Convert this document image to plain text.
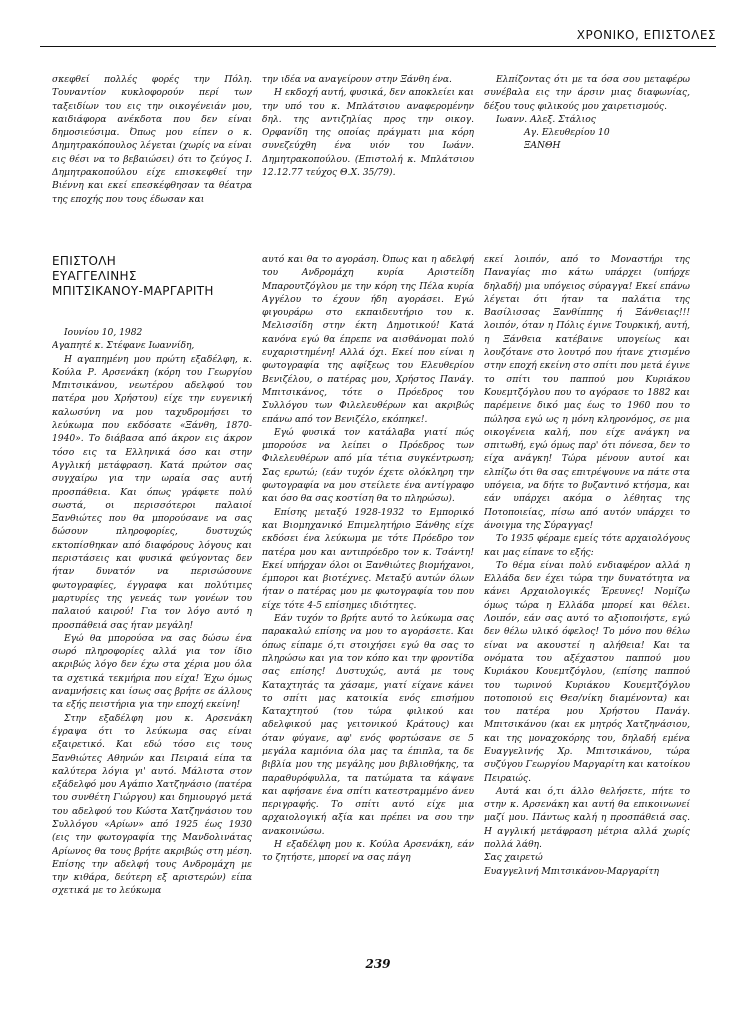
ΧΡΟΝΙΚΟ, ΕΠΙΣΤΟΛΕΣ

σκεφθεί πολλές φορές την Πόλη. Τουναντίον κυκλοφορούν περί των ταξειδίων του εις την οικογένειάν μου, καιδιάφορα ανέκδοτα που δεν είναι δημοσιεύσιμα. Όπως μου είπεν ο κ. Δημητρακόπουλος λέγεται (χωρίς να είναι εις θέσι να το βεβαιώσει) ότι το ζεύγος Ι. Δημητρακοπούλου είχε επισκεφθεί την Βιέννη και εκεί επεσκέφθησαν τα θέατρα της εποχής που τους έδωσαν και

την ιδέα να αναγείρουν στην Ξάνθη ένα.

Η εκδοχή αυτή, φυσικά, δεν αποκλείει και την υπό του κ. Μπλάτσιου αναφερομένην δηλ. της αντιζηλίας προς την οικογ. Ορφανίδη της οποίας πράγματι μια κόρη συνεζεύχθη ένα υιόν του Ιωάνν. Δημητρακοπούλου. (Επιστολή κ. Μπλάτσιου 12.12.77 τεύχος Θ.Χ. 35/79).

Ελπίζοντας ότι με τα όσα σου μεταφέρω συνέβαλα εις την άρσιν μιας διαφωνίας, δέξου τους φιλικούς μου χαιρετισμούς.

Ιωανν. Αλεξ. Στάλιος

Αγ. Ελευθερίου 10

ΞΑΝΘΗ

ΕΠΙΣΤΟΛΗ
ΕΥΑΓΓΕΛΙΝΗΣ
ΜΠΙΤΣΙΚΑΝΟΥ-ΜΑΡΓΑΡΙΤΗ

Ιουνίου 10, 1982

Αγαπητέ κ. Στέφανε Ιωαννίδη,

Η αγαπημένη μου πρώτη εξαδέλφη, κ. Κούλα Ρ. Αρσενάκη (κόρη του Γεωργίου Μπιτσικάνου, νεωτέρου αδελφού του πατέρα μου Χρήστου) είχε την ευγενική καλωσύνη να μου ταχυδρομήσει το λεύκωμα που εκδόσατε «Ξάνθη, 1870-1940». Το διάβασα από άκρον εις άκρον τόσο εις τα Ελληνικά όσο και στην Αγγλική μετάφραση. Κατά πρώτον σας συγχαίρω για την ωραία σας αυτή προσπάθεια. Και όπως γράφετε πολύ σωστά, οι περισσότεροι παλαιοί Ξανθιώτες που θα μπορούσανε να σας δώσουν πληροφορίες, δυστυχώς εκτοπίσθηκαν από διαφόρους λόγους και περιστάσεις και φυσικά φεύγοντας δεν ήταν δυνατόν να περισώσουνε φωτογραφίες, έγγραφα και πολύτιμες μαρτυρίες της γενεάς των γονέων του παλαιού καιρού! Για τον λόγο αυτό η προσπάθειά σας ήταν μεγάλη!

Εγώ θα μπορούσα να σας δώσω ένα σωρό πληροφορίες αλλά για τον ίδιο ακριβώς λόγο δεν έχω στα χέρια μου όλα τα σχετικά τεκμήρια που είχα! Έχω όμως αναμνήσεις και ίσως σας βρήτε σε άλλους τα εξής πειστήρια για την εποχή εκείνη!

Στην εξαδέλφη μου κ. Αρσενάκη έγραψα ότι το λεύκωμα σας είναι εξαιρετικό. Και εδώ τόσο εις τους Ξανθιώτες Αθηνών και Πειραιά είπα τα καλύτερα λόγια γι' αυτό. Μάλιστα στον εξάδελφό μου Αγάπιο Χατζηνάσιο (πατέρα του συνθέτη Γιώργου) και δημιουργό μετά του αδελφού του Κώστα Χατζηνάσιου του Συλλόγου «Αρίων» από 1925 έως 1930 (εις την φωτογραφία της Μανδολινάτας Αρίωνος θα τους βρήτε ακριβώς στη μέση. Επίσης την αδελφή τους Ανδρομάχη με την κιθάρα, δεύτερη εξ αριστερών) είπα σχετικά με το λεύκωμα

αυτό και θα το αγοράση. Όπως και η αδελφή του Ανδρομάχη κυρία Αριστείδη Μπαρουτζόγλου με την κόρη της Πέλα κυρία Αγγέλου το έχουν ήδη αγοράσει. Εγώ φιγουράρω στο εκπαιδευτήριο του κ. Μελισσίδη στην έκτη Δημοτικού! Κατά κανόνα εγώ θα έπρεπε να αισθάνομαι πολύ ευχαριστημένη! Αλλά όχι. Εκεί που είναι η φωτογραφία της αφίξεως του Ελευθερίου Βενιζέλου, ο πατέρας μου, Χρήστος Πανάγ. Μπιτσικάνος, τότε ο Πρόεδρος του Συλλόγου των Φιλελευθέρων και ακριβώς επάνω από τον Βενιζέλο, εκόπηκε!.

Εγώ φυσικά τον κατάλαβα γιατί πώς μπορούσε να λείπει ο Πρόεδρος των Φιλελευθέρων από μία τέτια συγκέντρωση; Σας ερωτώ; (εάν τυχόν έχετε ολόκληρη την φωτογραφία να μου στείλετε ένα αντίγραφο και όσο θα σας κοστίση θα το πληρώσω).

Επίσης μεταξύ 1928-1932 το Εμπορικό και Βιομηχανικό Επιμελητήριο Ξάνθης είχε εκδόσει ένα λεύκωμα με τότε Πρόεδρο τον πατέρα μου και αντιπρόεδρο τον κ. Τσάντη! Εκεί υπήρχαν όλοι οι Ξανθιώτες βιομήχανοι, έμποροι και βιοτέχνες. Μεταξύ αυτών όλων ήταν ο πατέρας μου με φωτογραφία του που είχε τότε 4-5 επίσημες ιδιότητες.

Εάν τυχόν το βρήτε αυτό το λεύκωμα σας παρακαλώ επίσης να μου το αγοράσετε. Και όπως είπαμε ό,τι στοιχήσει εγώ θα σας το πληρώσω και για τον κόπο και την φροντίδα σας επίσης! Δυστυχώς, αυτά με τους Καταχτητάς τα χάσαμε, γιατί είχανε κάνει το σπίτι μας κατοικία ενός επισήμου Καταχτητού (του τώρα φιλικού και αδελφικού μας γειτονικού Κράτους) και όταν φύγανε, αφ' ενός φορτώσανε σε 5 μεγάλα καμιόνια όλα μας τα έπιπλα, τα δε βιβλία μου της μεγάλης μου βιβλιοθήκης, τα παραθυρόφυλλα, τα πατώματα τα κάψανε και αφήσανε ένα σπίτι κατεστραμμένο άνευ περιγραφής. Το σπίτι αυτό είχε μια αρχαιολογική αξία και πρέπει να σου την ανακοινώσω.

Η εξαδέλφη μου κ. Κούλα Αρσενάκη, εάν το ζητήστε, μπορεί να σας πάγη

εκεί λοιπόν, από το Μοναστήρι της Παναγίας πιο κάτω υπάρχει (υπήρχε δηλαδή) μια υπόγειος σύραγγα! Εκεί επάνω λέγεται ότι ήταν τα παλάτια της Βασίλισσας Ξανθίππης ή Ξάνθειας!!! λοιπόν, όταν η Πόλις έγινε Τουρκική, αυτή, η Ξάνθεια κατέβαινε υπογείως και λουζότανε στο λουτρό που ήτανε χτισμένο στην εποχή εκείνη στο σπίτι που μετά έγινε το σπίτι του παππού μου Κυριάκου Κουεμτζόγλου που το αγόρασε το 1882 και παρέμεινε δικό μας έως το 1960 που το πώλησα εγώ ως η μόνη κληρονόμος, σε μια οικογένεια καλή, που είχε ανάγκη να σπιτωθή, εγώ όμως παρ' ότι πόνεσα, δεν το είχα ανάγκη! Τώρα μένουν αυτοί και ελπίζω ότι θα σας επιτρέψουνε να πάτε στα υπόγεια, να δήτε το βυζαντινό κτήσμα, και εάν υπάρχει ακόμα ο λέθητας της Ποτοποιείας, πίσω από αυτόν υπάρχει το άνοιγμα της Σύραγγας!

Το 1935 φέραμε εμείς τότε αρχαιολόγους και μας είπανε το εξής:

Το θέμα είναι πολύ ενδιαφέρον αλλά η Ελλάδα δεν έχει τώρα την δυνατότητα να κάνει Αρχαιολογικές Έρευνες! Νομίζω όμως τώρα η Ελλάδα μπορεί και θέλει. Λοιπόν, εάν σας αυτό το αξιοποιήστε, εγώ δεν θέλω υλικό όφελος! Το μόνο που θέλω είναι να ακουστεί η αλήθεια! Και τα ονόματα του αξέχαστου παππού μου Κυριάκου Κουεμτζόγλου, (επίσης παππού του τωρινού Κυριάκου Κουεμτζόγλου ποτοποιού εις Θεσ/νίκη διαμένοντα) και του πατέρα μου Χρήστου Πανάγ. Μπιτσικάνου (και εκ μητρός Χατζηνάσιου, και της μοναχοκόρης του, δηλαδή εμένα Ευαγγελινής Χρ. Μπιτσικάνου, τώρα συζύγου Γεωργίου Μαργαρίτη και κατοίκου Πειραιώς.

Αυτά και ό,τι άλλο θελήσετε, πήτε το στην κ. Αρσενάκη και αυτή θα επικοινωνεί μαζί μου. Πάντως καλή η προσπάθειά σας. Η αγγλική μετάφραση μέτρια αλλά χωρίς πολλά λάθη.

Σας χαιρετώ

Ευαγγελινή Μπιτσικάνου-Μαργαρίτη

239
